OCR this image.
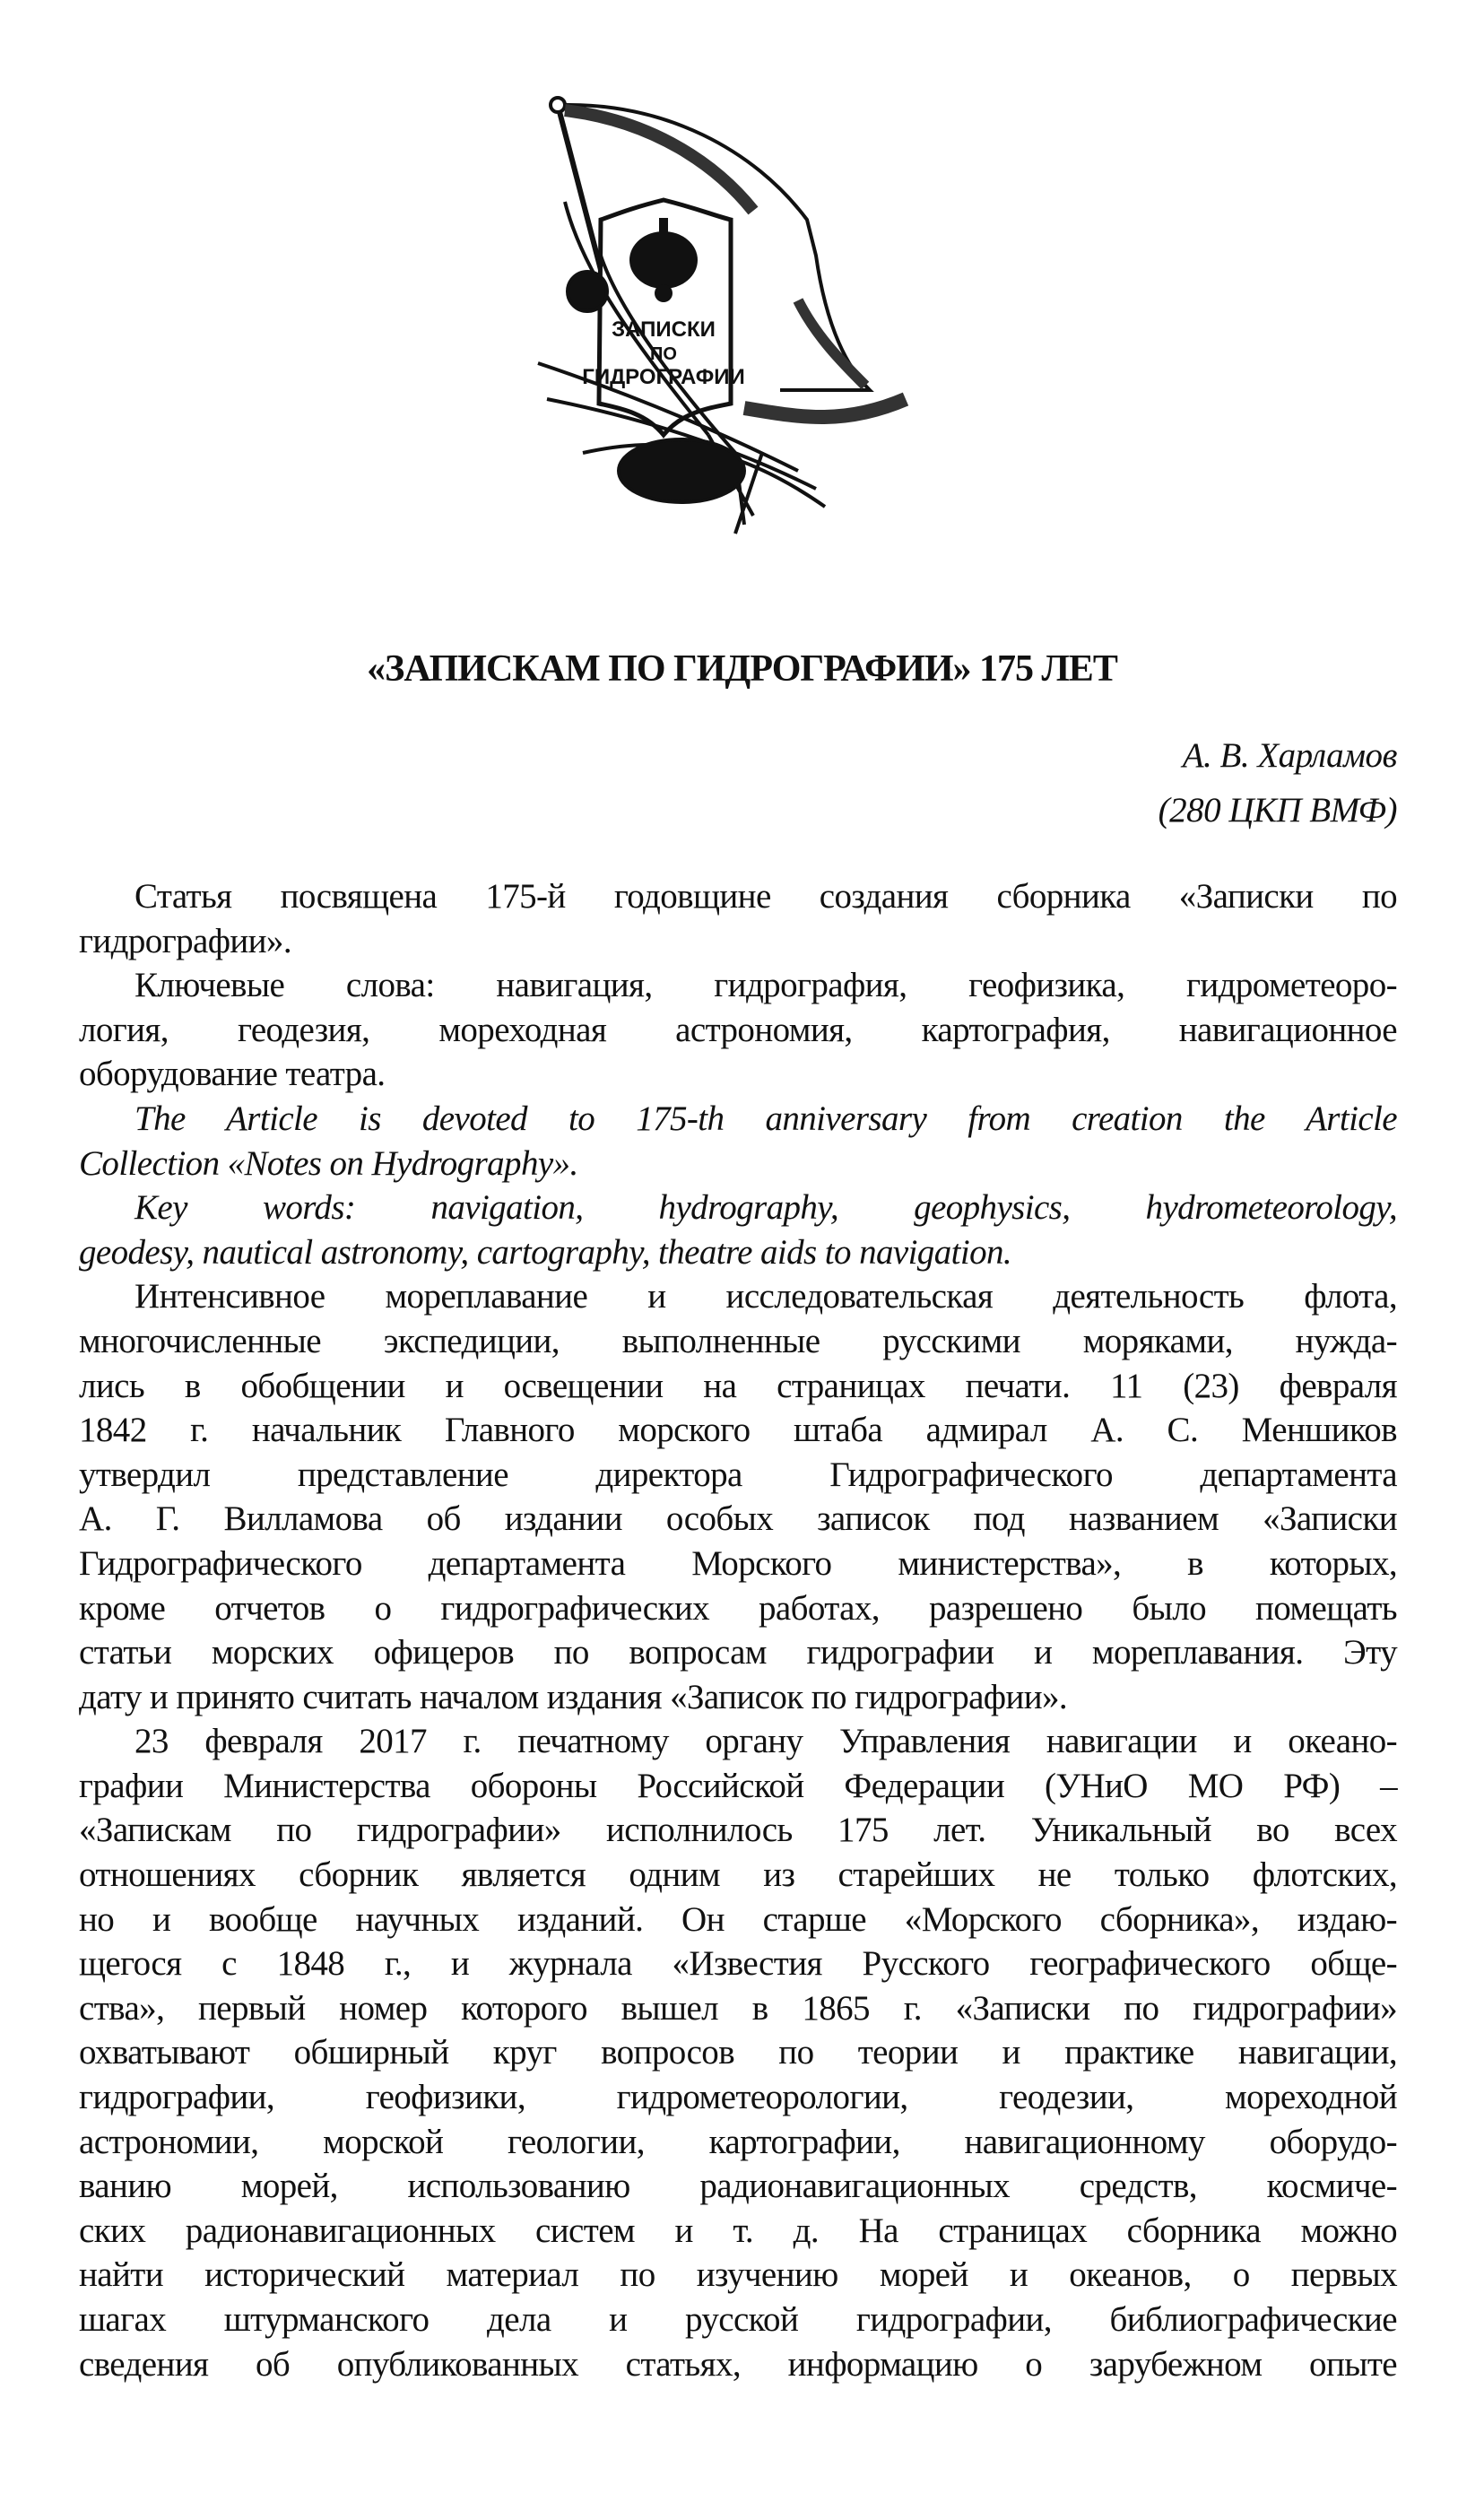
ЗАПИСКИ
ПО
ГИДРОГРАФИИ
«ЗАПИСКАМ ПО ГИДРОГРАФИИ» 175 ЛЕТ
А. В. Харламов
(280 ЦКП ВМФ)
Статья посвящена 175-й годовщине создания сборника «Записки по
гидрографии».
Ключевые слова: навигация, гидрография, геофизика, гидрометеоро-
логия, геодезия, мореходная астрономия, картография, навигационное
оборудование театра.
The Article is devoted to 175-th anniversary from creation the Article
Collection «Notes on Hydrography».
Key words: navigation, hydrography, geophysics, hydrometeorology,
geodesy, nautical astronomy, cartography, theatre aids to navigation.
Интенсивное мореплавание и исследовательская деятельность флота,
многочисленные экспедиции, выполненные русскими моряками, нужда-
лись в обобщении и освещении на страницах печати. 11 (23) февраля
1842 г. начальник Главного морского штаба адмирал А. С. Меншиков
утвердил представление директора Гидрографического департамента
А. Г. Вилламова об издании особых записок под названием «Записки
Гидрографического департамента Морского министерства», в которых,
кроме отчетов о гидрографических работах, разрешено было помещать
статьи морских офицеров по вопросам гидрографии и мореплавания. Эту
дату и принято считать началом издания «Записок по гидрографии».
23 февраля 2017 г. печатному органу Управления навигации и океано-
графии Министерства обороны Российской Федерации (УНиО МО РФ) –
«Запискам по гидрографии» исполнилось 175 лет. Уникальный во всех
отношениях сборник является одним из старейших не только флотских,
но и вообще научных изданий. Он старше «Морского сборника», издаю-
щегося с 1848 г., и журнала «Известия Русского географического обще-
ства», первый номер которого вышел в 1865 г. «Записки по гидрографии»
охватывают обширный круг вопросов по теории и практике навигации,
гидрографии, геофизики, гидрометеорологии, геодезии, мореходной
астрономии, морской геологии, картографии, навигационному оборудо-
ванию морей, использованию радионавигационных средств, космиче-
ских радионавигационных систем и т. д. На страницах сборника можно
найти исторический материал по изучению морей и океанов, о первых
шагах штурманского дела и русской гидрографии, библиографические
сведения об опубликованных статьях, информацию о зарубежном опыте
